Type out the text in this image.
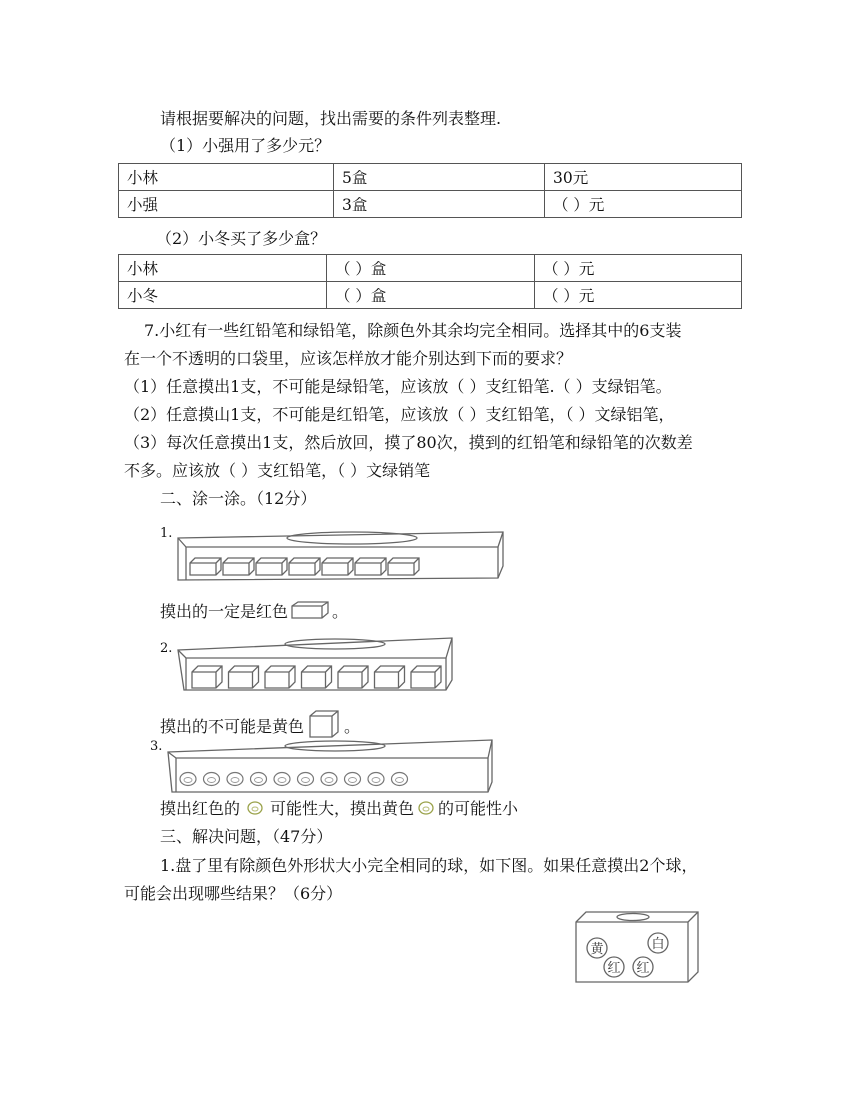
请根据要解决的问题，找出需要的条件列表整理.
（1）小强用了多少元？
小林	5盒	30元
小强	3盒	（ ）元
（2）小冬买了多少盒？
小林	（ ）盒	（ ）元
小冬	（ ）盒	（ ）元
7.小红有一些红铅笔和绿铅笔，除颜色外其余均完全相同。选择其中的6支装
在一个不透明的口袋里，应该怎样放才能介别达到下而的要求？
（1）任意摸出1支，不可能是绿铅笔，应该放（ ）支红铅笔.（ ）支绿铝笔。
（2）任意摸山1支，不可能是红铅笔，应该放（ ）支红铅笔，（ ）文绿铝笔，
（3）每次任意摸出1支，然后放回，摸了80次，摸到的红铅笔和绿铅笔的次数差
不多。应该放（ ）支红铅笔，（ ）文绿销笔
二、涂一涂。（12分）
1.
摸出的一定是红色	。
2.
摸出的不可能是黄色	。
3.
摸出红色的 可能性大，摸出黄色 的可能性小
三、解决问题，（47分）
1.盘了里有除颜色外形状大小完全相同的球，如下图。如果任意摸出2个球，
可能会出现哪些结果？（6分）
黄	白
红 红
